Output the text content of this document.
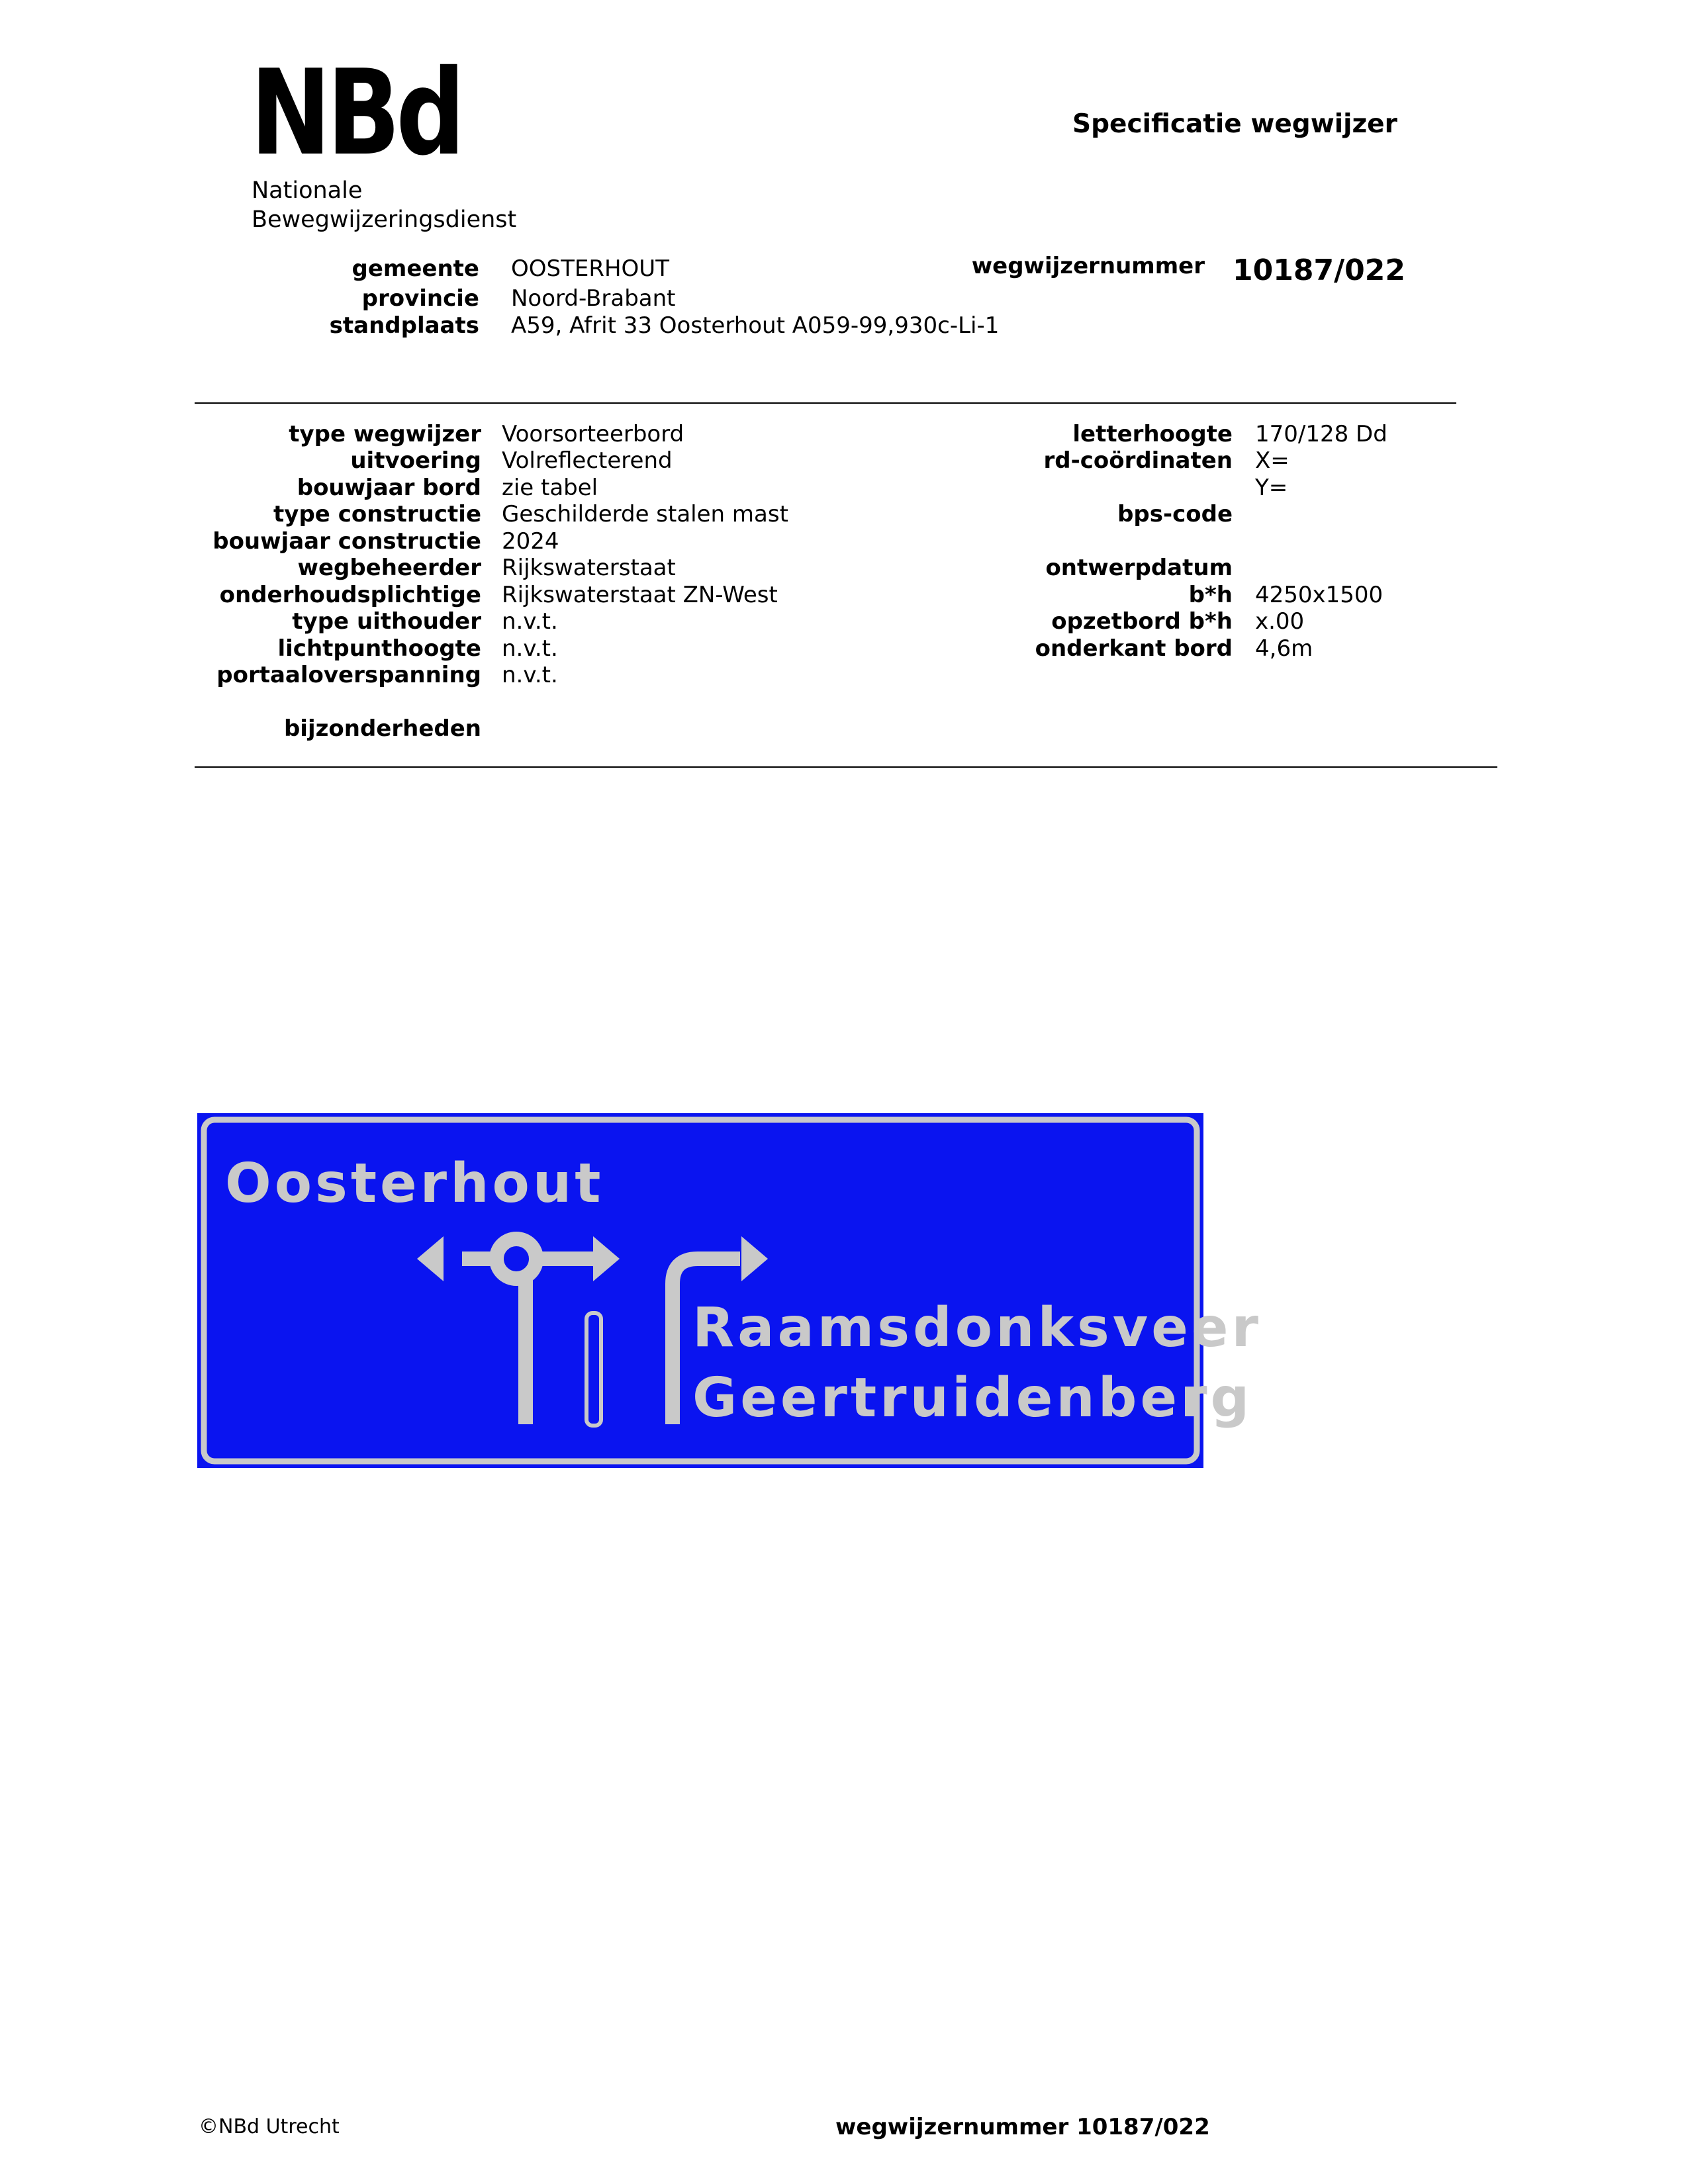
NBd
Nationale
Bewegwijzeringsdienst
Specificatie wegwijzer
gemeente OOSTERHOUT
provincie Noord-Brabant
standplaats A59, Afrit 33 Oosterhout A059-99,930c-Li-1
wegwijzernummer 10187/022
type wegwijzer Voorsorteerbord
uitvoering Volreflecterend
bouwjaar bord zie tabel
type constructie Geschilderde stalen mast
bouwjaar constructie 2024
wegbeheerder Rijkswaterstaat
onderhoudsplichtige Rijkswaterstaat ZN-West
type uithouder n.v.t.
lichtpunthoogte n.v.t.
portaaloverspanning n.v.t.
bijzonderheden
letterhoogte 170/128 Dd
rd-coördinaten X=
Y=
bps-code
ontwerpdatum
b*h 4250x1500
opzetbord b*h x.00
onderkant bord 4,6m
Oosterhout
Raamsdonksveer
Geertruidenberg
©NBd Utrecht	wegwijzernummer 10187/022
